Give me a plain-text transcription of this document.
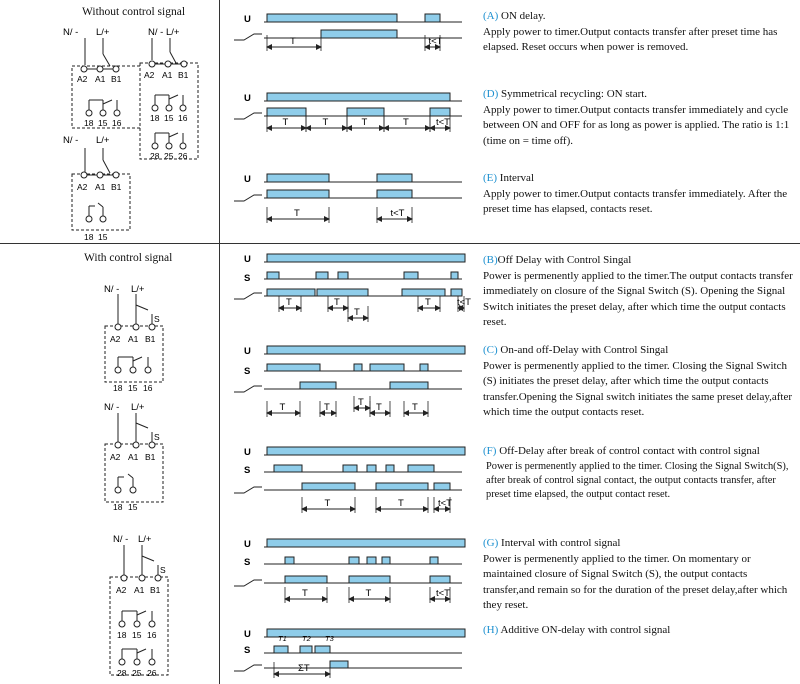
Without control signal
With control signal
N/ - L/+
A2 A1 B1
18 15 16
N/ - L/+
A2 A1 B1
18 15 16
28 25 26
N/ - L/+
A2 A1 B1
18 15
N/ - L/+
S
A2 A1 B1
18 15 16
N/ - L/+
S
A2 A1 B1
18 15
N/ - L/+
S
A2 A1 B1
18 15 16
28 25 26
U
T	t<T
U
T	T	T	T	t<T
U
T	t<T
U
S
T	T
T
T	t<T
U
S
T	T	T T	T
U
S
T	T	t<T
U
S
T	T	t<T
U
S
T1 T2 T3
ΣT
(A) ON delay.
Apply power to timer.Output contacts transfer after preset time has elapsed. Reset occurs when power is removed.
(D) Symmetrical recycling: ON start.
Apply power to timer.Output contacts transfer immediately and cycle between ON and OFF for as long as power is applied. The ratio is 1:1 (time on = time off).
(E) Interval
Apply power to timer.Output contacts transfer immediately. After the preset time has elapsed, contacts reset.
(B)Off Delay with Control Singal
Power is permenently applied to the timer.The output contacts transfer immediately on closure of the Signal Switch (S). Opening the Signal Switch initiates the preset delay, after which time the output contacts reset.
(C) On-and off-Delay with Control Singal
Power is permenently applied to the timer. Closing the Signal Switch (S) initiates the preset delay, after which time the output contacts transfer.Opening the Signal switch initiates the same preset delay,after which time the output contacts reset.
(F) Off-Delay after break of control contact with control signal
Power is permenently applied to the timer. Closing the Signal Switch(S), after break of control signal contact, the output contacts transfer, after preset time elapsed, the output contact reset.
(G) Interval with control signal
Power is permenently applied to the timer. On momentary or maintained closure of Signal Switch (S), the output contacts transfer,and remain so for the duration of the preset delay,after which they reset.
(H) Additive ON-delay with control signal
